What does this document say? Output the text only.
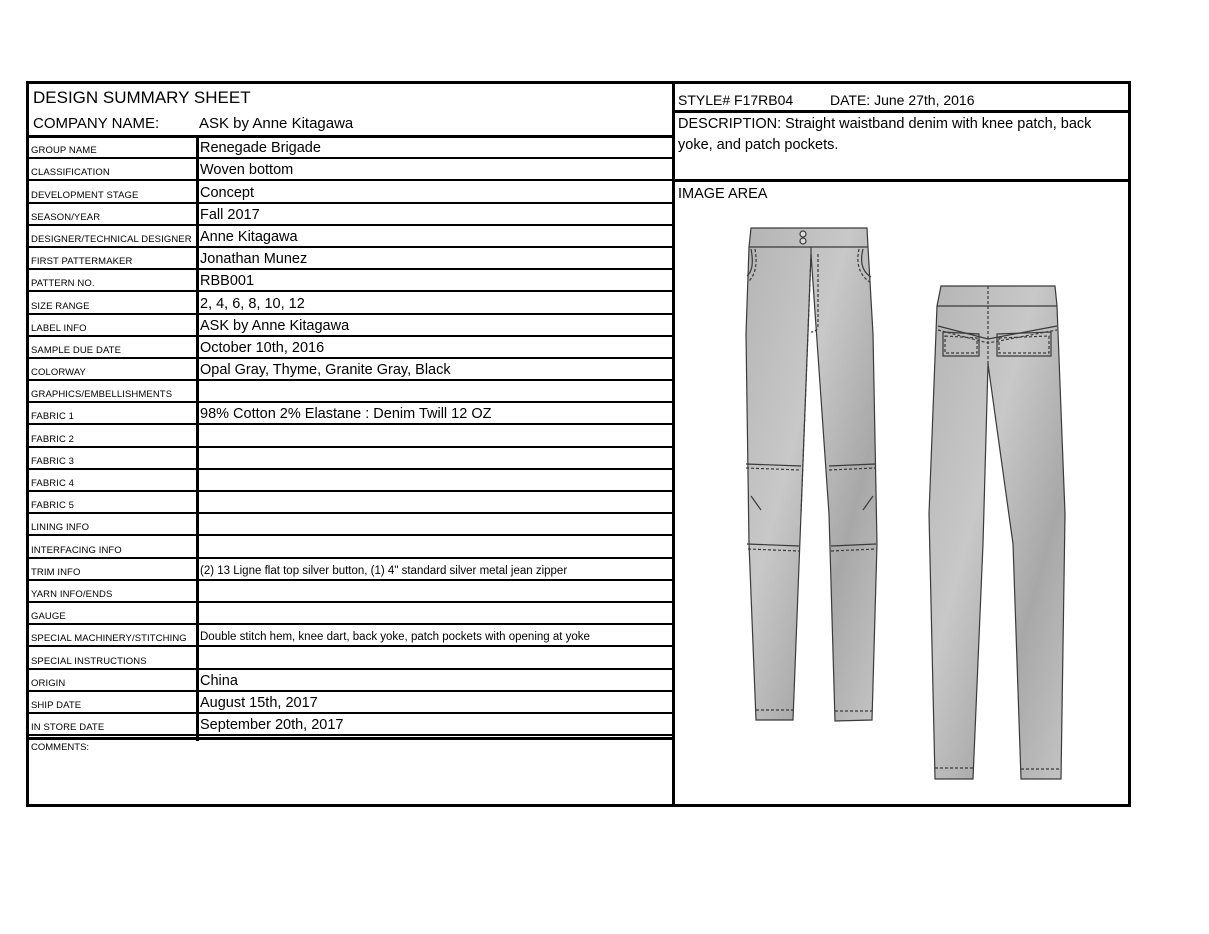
DESIGN SUMMARY SHEET
COMPANY NAME:	ASK by Anne Kitagawa
GROUP NAME	Renegade Brigade
CLASSIFICATION	Woven bottom
DEVELOPMENT STAGE	Concept
SEASON/YEAR	Fall 2017
DESIGNER/TECHNICAL DESIGNER Anne Kitagawa
FIRST PATTERMAKER	Jonathan Munez
PATTERN NO.	RBB001
SIZE RANGE	2, 4, 6, 8, 10, 12
LABEL INFO	ASK by Anne Kitagawa
SAMPLE DUE DATE	October 10th, 2016
COLORWAY	Opal Gray, Thyme, Granite Gray, Black
GRAPHICS/EMBELLISHMENTS
FABRIC 1	98% Cotton 2% Elastane : Denim Twill 12 OZ
FABRIC 2
FABRIC 3
FABRIC 4
FABRIC 5
LINING INFO
INTERFACING INFO
TRIM INFO	(2) 13 Ligne flat top silver button, (1) 4" standard silver metal jean zipper
YARN INFO/ENDS
GAUGE
SPECIAL MACHINERY/STITCHING Double stitch hem, knee dart, back yoke, patch pockets with opening at yoke
SPECIAL INSTRUCTIONS
ORIGIN	China
SHIP DATE	August 15th, 2017
IN STORE DATE	September 20th, 2017
COMMENTS:
STYLE# F17RB04	DATE: June 27th, 2016
DESCRIPTION: Straight waistband denim with knee patch, back yoke, and patch pockets.
IMAGE AREA
